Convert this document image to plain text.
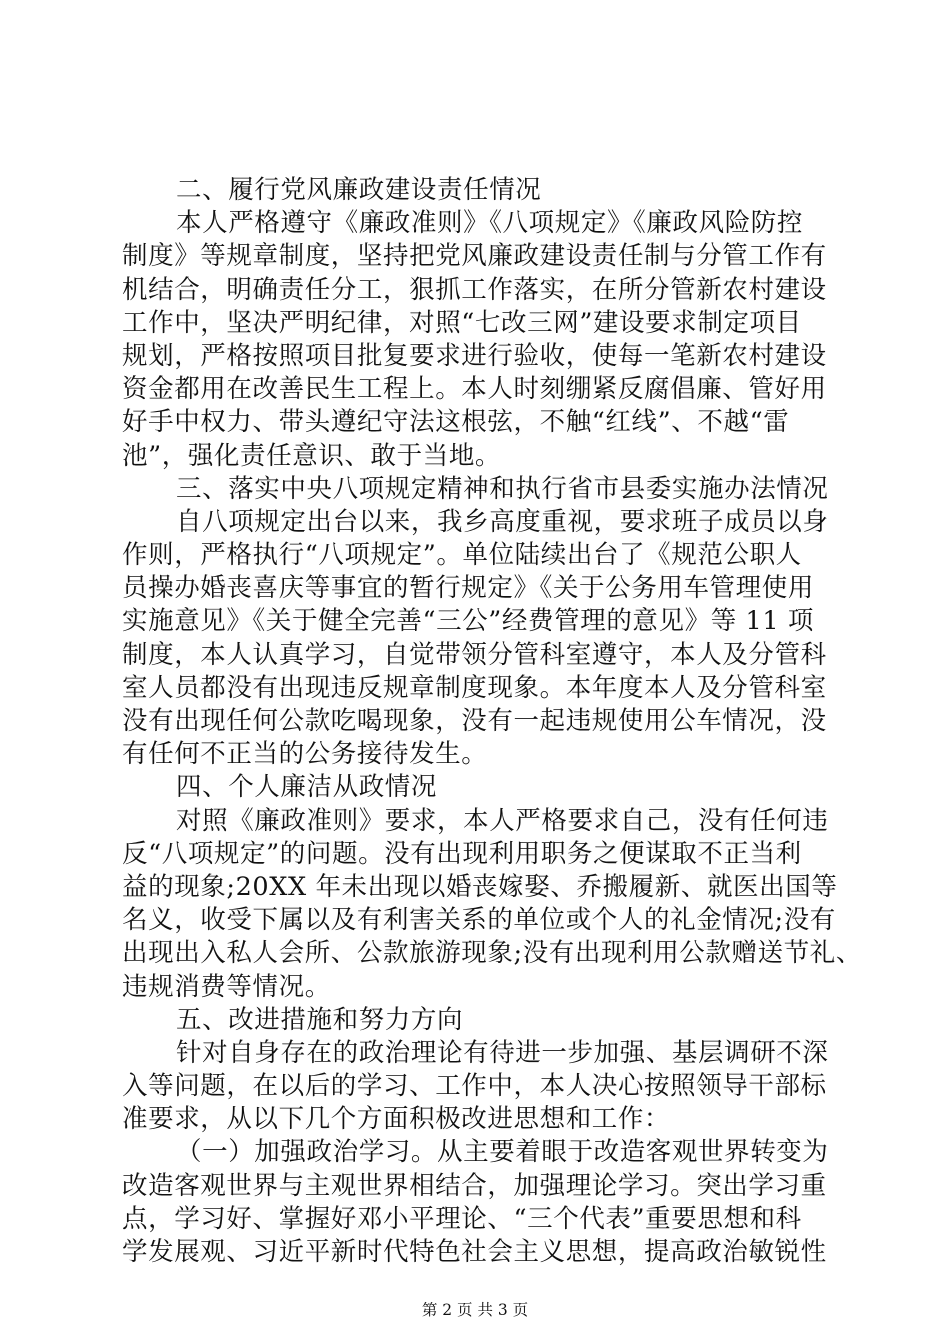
二、履行党风廉政建设责任情况
本人严格遵守《廉政准则》《八项规定》《廉政风险防控
制度》等规章制度，坚持把党风廉政建设责任制与分管工作有
机结合，明确责任分工，狠抓工作落实，在所分管新农村建设
工作中，坚决严明纪律，对照“七改三网”建设要求制定项目
规划，严格按照项目批复要求进行验收，使每一笔新农村建设
资金都用在改善民生工程上。本人时刻绷紧反腐倡廉、管好用
好手中权力、带头遵纪守法这根弦，不触“红线”、不越“雷
池”，强化责任意识、敢于当地。
三、落实中央八项规定精神和执行省市县委实施办法情况
自八项规定出台以来，我乡高度重视，要求班子成员以身
作则，严格执行“八项规定”。单位陆续出台了《规范公职人
员操办婚丧喜庆等事宜的暂行规定》《关于公务用车管理使用
实施意见》《关于健全完善“三公”经费管理的意见》等 11 项
制度，本人认真学习，自觉带领分管科室遵守，本人及分管科
室人员都没有出现违反规章制度现象。本年度本人及分管科室
没有出现任何公款吃喝现象，没有一起违规使用公车情况，没
有任何不正当的公务接待发生。
四、个人廉洁从政情况
对照《廉政准则》要求，本人严格要求自己，没有任何违
反“八项规定”的问题。没有出现利用职务之便谋取不正当利
益的现象;20XX 年未出现以婚丧嫁娶、乔搬履新、就医出国等
名义，收受下属以及有利害关系的单位或个人的礼金情况;没有
出现出入私人会所、公款旅游现象;没有出现利用公款赠送节礼、
违规消费等情况。
五、改进措施和努力方向
针对自身存在的政治理论有待进一步加强、基层调研不深
入等问题，在以后的学习、工作中，本人决心按照领导干部标
准要求，从以下几个方面积极改进思想和工作：
（一）加强政治学习。从主要着眼于改造客观世界转变为
改造客观世界与主观世界相结合，加强理论学习。突出学习重
点，学习好、掌握好邓小平理论、“三个代表”重要思想和科
学发展观、习近平新时代特色社会主义思想，提高政治敏锐性
第 2 页 共 3 页
